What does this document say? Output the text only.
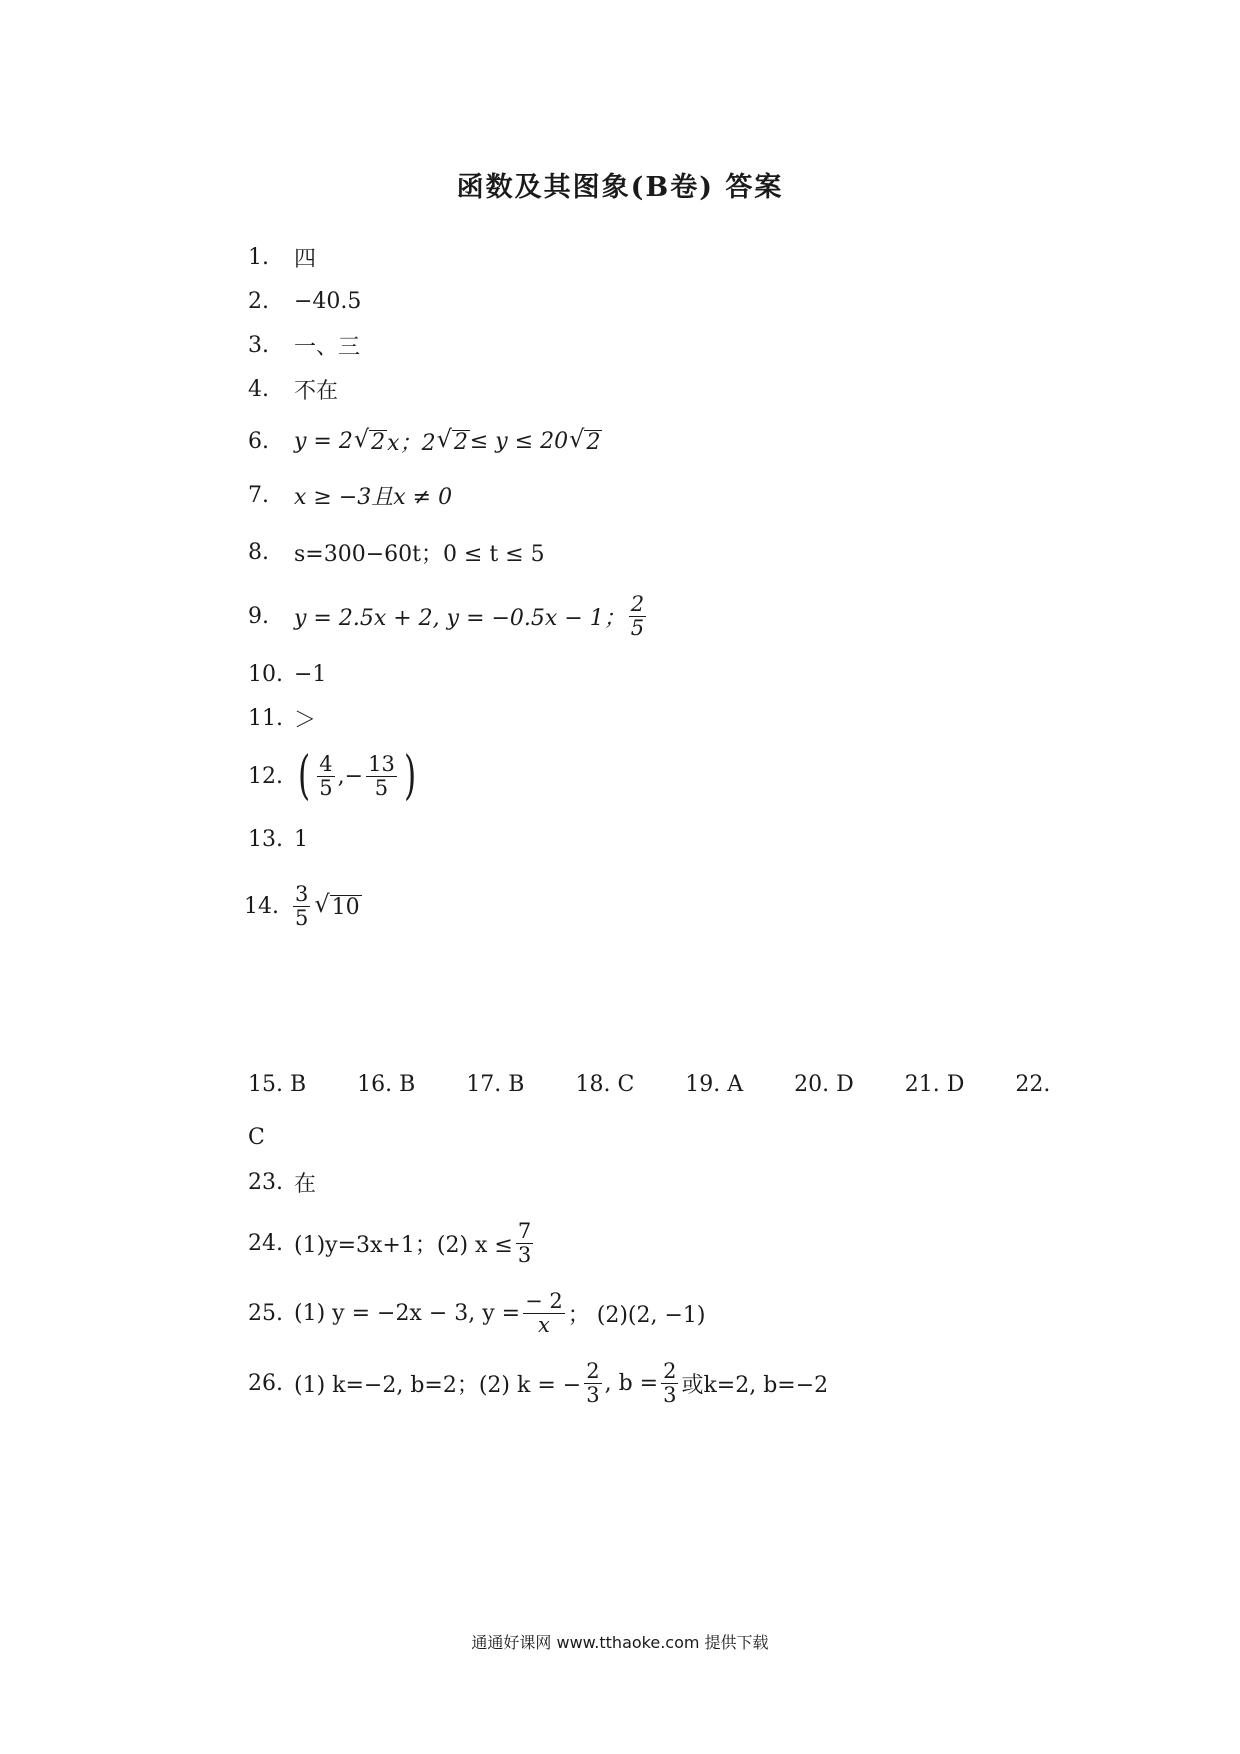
函数及其图象(B卷) 答案
1.	四
2.	−40.5
3.	一、三
4.	不在
6.	y = 2 √ 2 x；2 √ 2 ≤ y ≤ 20 √ 2
7.	x ≥ −3且x ≠ 0
8.	s=300−60t；0 ≤ t ≤ 5
9.	y = 2.5x + 2, y = −0.5x − 1； $\frac{2}{5}$
10. −1
11. ＞
12. ( $\frac{4}{5}$ ,− $\frac{13}{5}$ )
13. 1
14. $\frac{3}{5}$ √ 10
15. B 16. B 17. B 18. C 19. A 20. D 21. D 22.
C
23. 在
24. (1)y=3x+1；(2) $x \le \frac{7}{3}$
25. (1) y = −2x − 3, $y = \frac{- 2}{x}$ ； (2)(2, −1)
26. (1) k=−2, b=2；(2) k = − $\frac{2}{3}$ , $b = \frac{2}{3}$ 或k=2, b=−2
通通好课网 www.tthaoke.com 提供下载
